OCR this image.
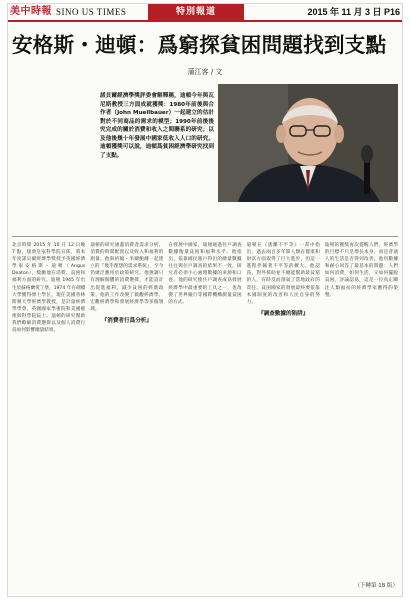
美中時報 SINO US TIMES	特別報道	2015 年 11 月 3 日 P16
安格斯・迪頓：爲窮探貧困問題找到支點
蒲江客 / 文
諾貝爾經濟學獎評委會解釋稱，迪頓今年與瓦尼斯教授三方面成就獲獎：1980年前後與合作者（John Muellbauer）一起建立的估計對於不同商品的需求的模型；1990年前後後究完成的關於消費和收入之間聯系的研究；以及他後幾十年發展中國家低收入人口的研究。迪頓獲獎可以說，迪頓爲貧困經濟學研究找到了支點。
北京時間 2015 年 10 月 12 日晚 7 點，瑞典皇家科學院宣佈，將本年度諾貝爾經濟學獎授予英國經濟學家安格斯・迪頓（Angus Deaton），獎勵他在消費、貧困和福利方面的研究。迪頓 1945 年出生於蘇格蘭愛丁堡，1974 年在劍橋大學獲得博士學位，現任美國普林斯頓大學經濟學教授，是計量經濟學學會、英國國家學術院和美國藝術與科學院院士。迪頓的研究幫助我們瞭解消費選擇以及個人消費行爲如何影響總量結果。
迪頓的研究涵蓋消費者需求分析、消費的時間配置以及收入和福利的測量。他與約翰・米爾鮑爾一起建立的『幾乎理想的需求系統』，至今仍廣泛應用於政策研究。他強調只有理解個體的消費選擇，才能設計出促進福利、減少貧困的經濟政策。他的工作改變了微觀經濟學、宏觀經濟學和發展經濟學等多個領域。
『消費者行爲分析』
在發展中國家，迪頓通過住戶調查數據衡量貧困和福利水平。他指出，依靠國民賬戶得出的總量數據往往與住戶調查的結果不一致，研究者必須小心處理數據的來源和口徑。他的研究使住戶調查成爲發展經濟學中最重要的工具之一，也改變了世界銀行等國際機構測量貧困的方式。
迪頓在《逃離不平等》一書中指出，過去兩百多年間人類在健康和財富方面取得了巨大進步，但這一進程伴隨著不平等的擴大。他認爲，對外援助並不總能幫助最貧窮的人，有時反而削弱了當地政府的責任。貧困國家的發展最終要依靠本國制度的改善和人民自身的努力。
『調查數據的陷阱』
迪頓的獲獎再次提醒人們，經濟學的目標不只是增長本身，而是普通人的生活是否得到改善。他用數據和耐心回答了最基本的問題：人們如何消費，如何生活，又如何擺脫貧困。評論認爲，這是一位真正關注人類福祉的經濟學家應得的榮譽。
（下轉第 18 版）
